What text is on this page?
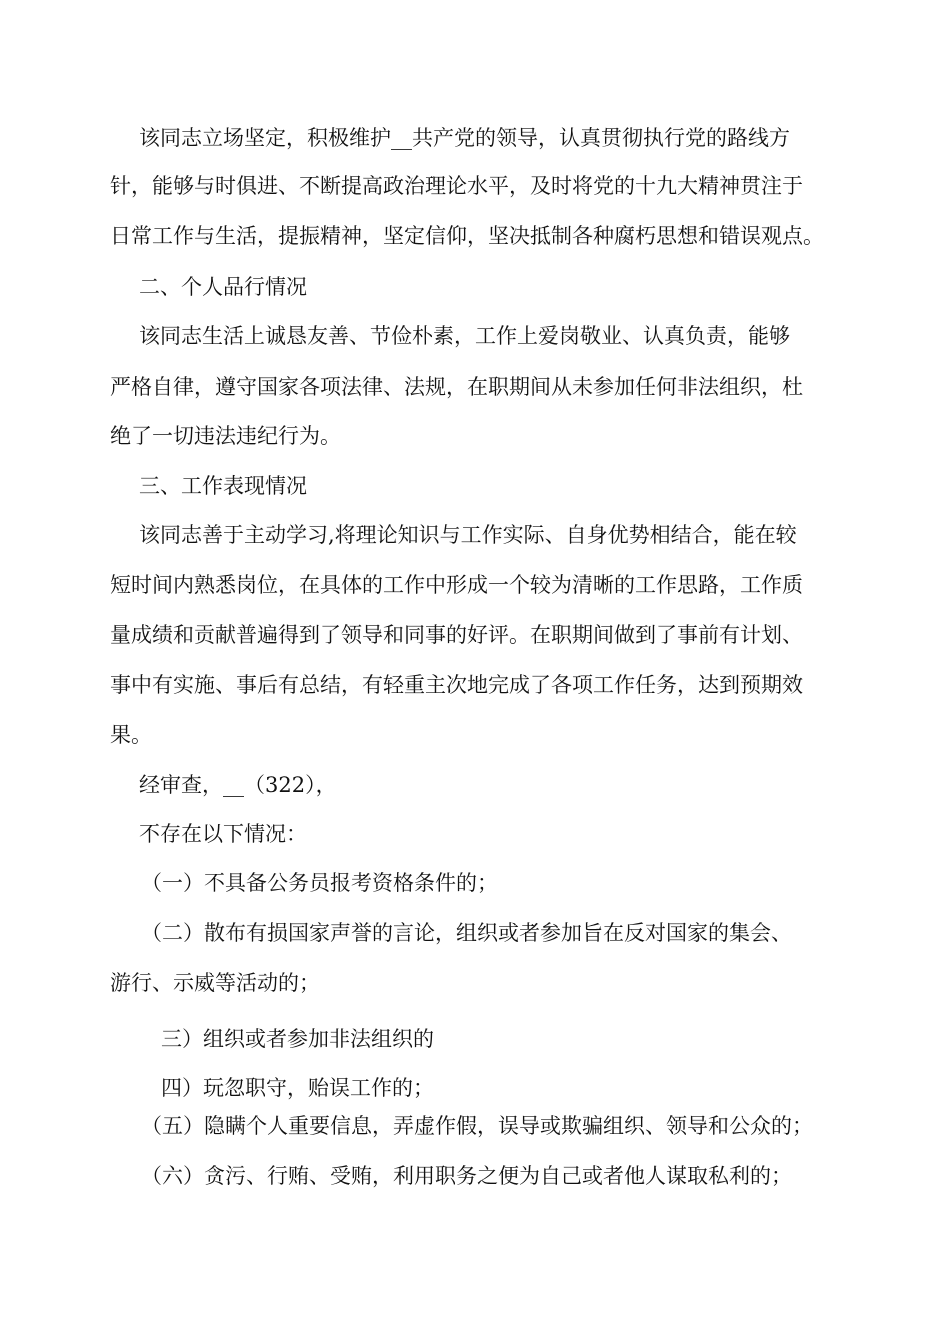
该同志立场坚定，积极维护__共产党的领导，认真贯彻执行党的路线方
针，能够与时俱进、不断提高政治理论水平，及时将党的十九大精神贯注于
日常工作与生活，提振精神，坚定信仰，坚决抵制各种腐朽思想和错误观点。
二、个人品行情况
该同志生活上诚恳友善、节俭朴素，工作上爱岗敬业、认真负责，能够
严格自律，遵守国家各项法律、法规，在职期间从未参加任何非法组织，杜
绝了一切违法违纪行为。
三、工作表现情况
该同志善于主动学习,将理论知识与工作实际、自身优势相结合，能在较
短时间内熟悉岗位，在具体的工作中形成一个较为清晰的工作思路，工作质
量成绩和贡献普遍得到了领导和同事的好评。在职期间做到了事前有计划、
事中有实施、事后有总结，有轻重主次地完成了各项工作任务，达到预期效
果。
经审查，__（322），
不存在以下情况：
（一）不具备公务员报考资格条件的；
（二）散布有损国家声誉的言论，组织或者参加旨在反对国家的集会、
游行、示威等活动的；
三）组织或者参加非法组织的
四）玩忽职守，贻误工作的；
（五）隐瞒个人重要信息，弄虚作假，误导或欺骗组织、领导和公众的；
（六）贪污、行贿、受贿，利用职务之便为自己或者他人谋取私利的；
